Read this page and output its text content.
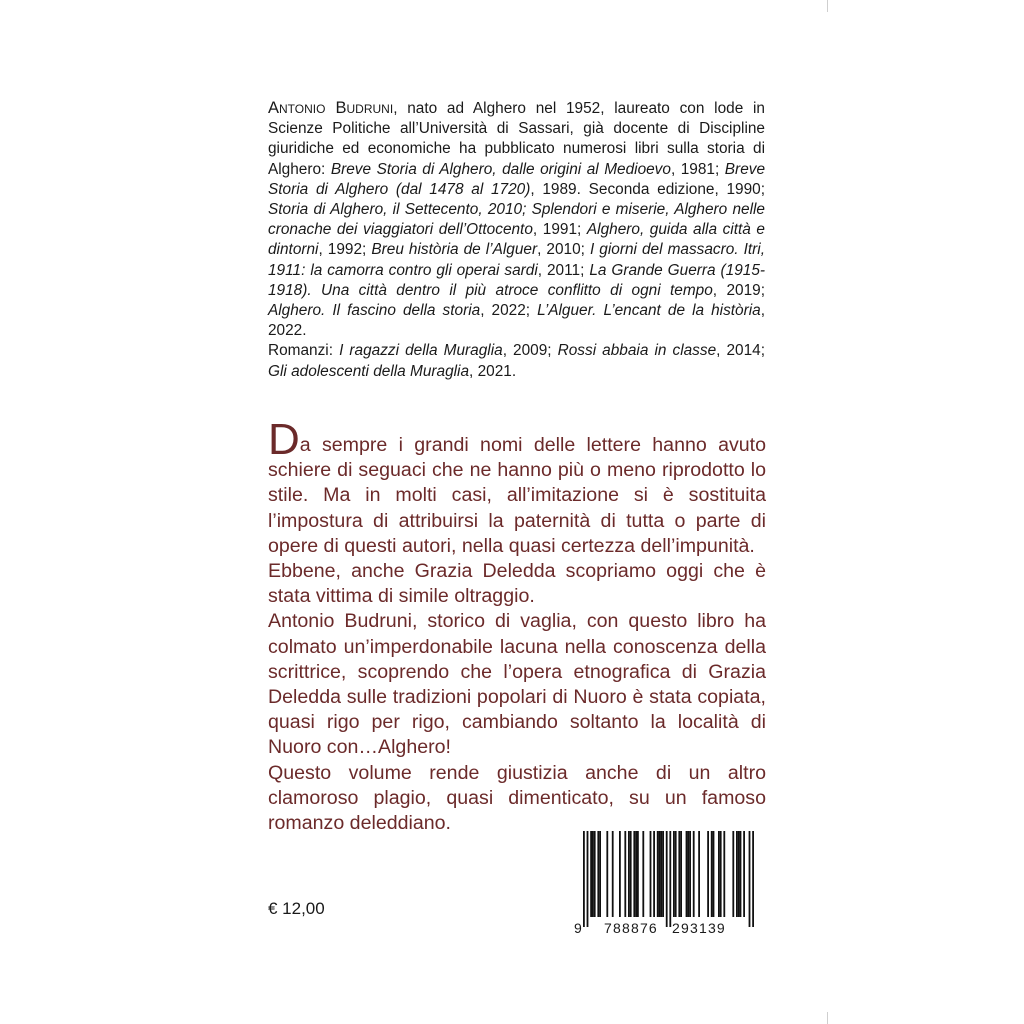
Antonio Budruni, nato ad Alghero nel 1952, laureato con lode in Scienze Politiche all’Università di Sassari, già docente di Discipline giuridiche ed economiche ha pubblicato numerosi libri sulla storia di Alghero: Breve Storia di Alghero, dalle origini al Medioevo, 1981; Breve Storia di Alghero (dal 1478 al 1720), 1989. Seconda edizione, 1990; Storia di Alghero, il Settecento, 2010; Splendori e miserie, Alghero nelle cronache dei viaggiatori dell’Ottocento, 1991; Alghero, guida alla città e dintorni, 1992; Breu història de l’Alguer, 2010; I giorni del massacro. Itri, 1911: la camorra contro gli operai sardi, 2011; La Grande Guerra (1915-1918). Una città dentro il più atroce conflitto di ogni tempo, 2019; Alghero. Il fascino della storia, 2022; L’Alguer. L’encant de la història, 2022.

Romanzi: I ragazzi della Muraglia, 2009; Rossi abbaia in classe, 2014; Gli adolescenti della Muraglia, 2021.

Da sempre i grandi nomi delle lettere hanno avuto schiere di seguaci che ne hanno più o meno riprodotto lo stile. Ma in molti casi, all’imitazione si è sostituita l’impostura di attribuirsi la paternità di tutta o parte di opere di questi autori, nella quasi certezza dell’impunità.

Ebbene, anche Grazia Deledda scopriamo oggi che è stata vittima di simile oltraggio.

Antonio Budruni, storico di vaglia, con questo libro ha colmato un’imperdonabile lacuna nella conoscenza della scrittrice, scoprendo che l’opera etnografica di Grazia Deledda sulle tradizioni popolari di Nuoro è stata copiata, quasi rigo per rigo, cambiando soltanto la località di Nuoro con…Alghero!

Questo volume rende giustizia anche di un altro clamoroso plagio, quasi dimenticato, su un famoso romanzo deleddiano.

€ 12,00
9 788876 293139
